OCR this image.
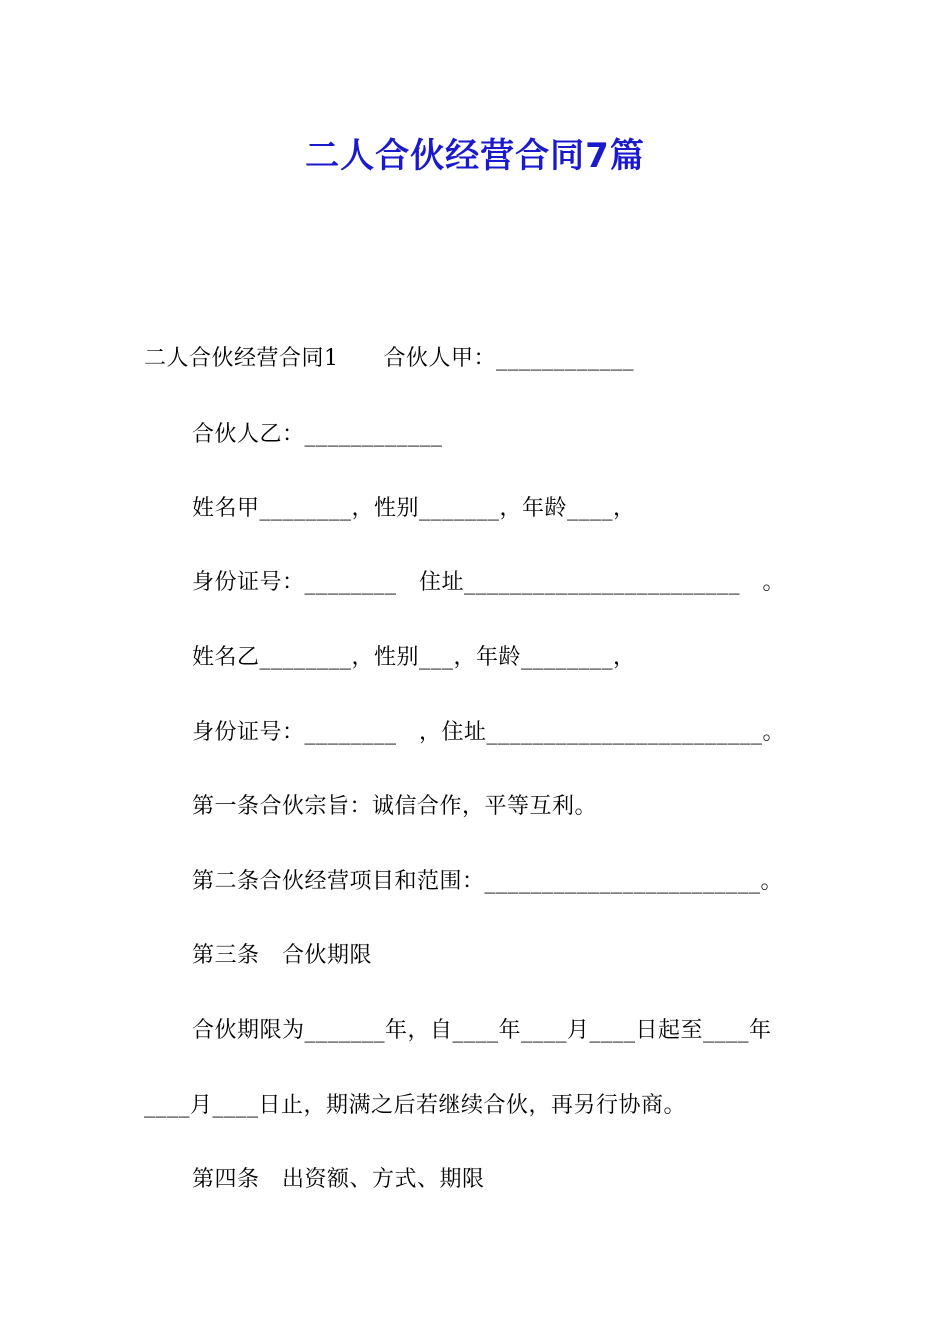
二人合伙经营合同7篇
二人合伙经营合同1　　合伙人甲：____________
合伙人乙：____________
姓名甲________，性别_______，年龄____，
身份证号：________　住址________________________　。
姓名乙________，性别___，年龄________，
身份证号：________　，住址________________________。
第一条合伙宗旨：诚信合作，平等互利。
第二条合伙经营项目和范围：________________________。
第三条　合伙期限
合伙期限为_______年，自____年____月____日起至____年
____月____日止，期满之后若继续合伙，再另行协商。
第四条　出资额、方式、期限
